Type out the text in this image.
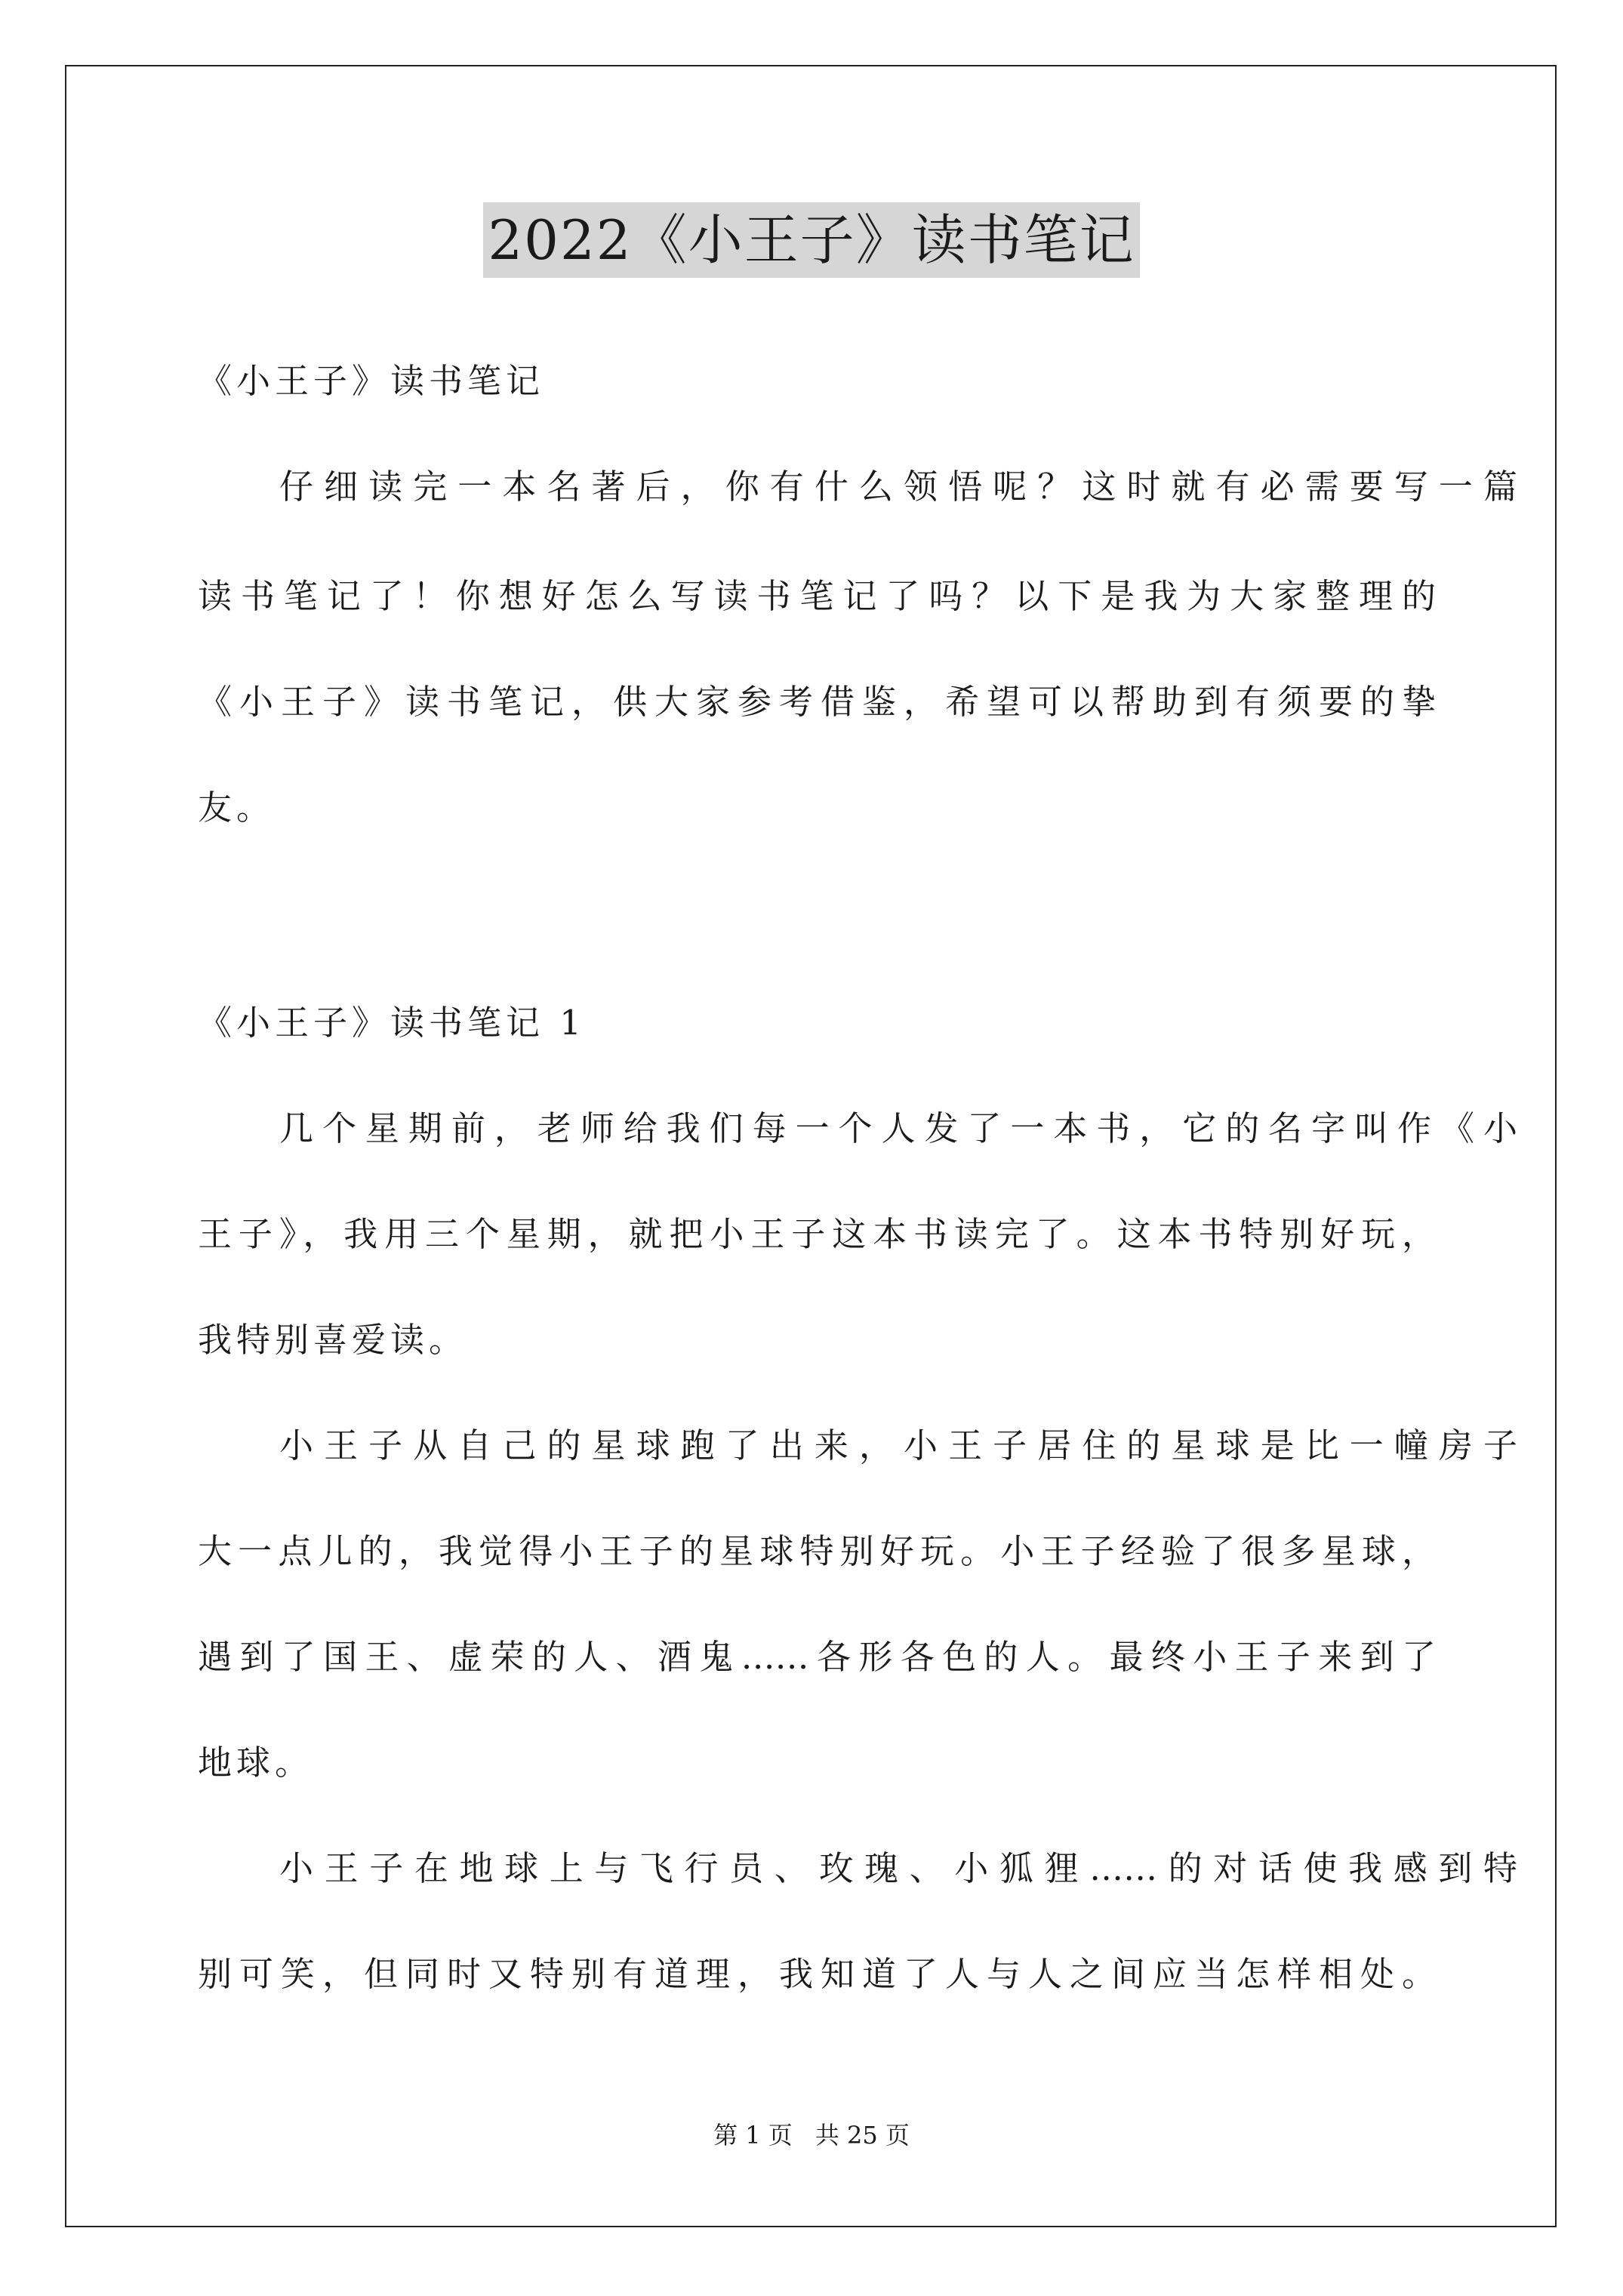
2022《小王子》读书笔记
《小王子》读书笔记
仔细读完一本名著后，你有什么领悟呢？这时就有必需要写一篇
读书笔记了！你想好怎么写读书笔记了吗？以下是我为大家整理的
《小王子》读书笔记，供大家参考借鉴，希望可以帮助到有须要的挚
友。
《小王子》读书笔记 1
几个星期前，老师给我们每一个人发了一本书，它的名字叫作《小
王子》，我用三个星期，就把小王子这本书读完了。这本书特别好玩，
我特别喜爱读。
小王子从自己的星球跑了出来，小王子居住的星球是比一幢房子
大一点儿的，我觉得小王子的星球特别好玩。小王子经验了很多星球，
遇到了国王、虚荣的人、酒鬼……各形各色的人。最终小王子来到了
地球。
小王子在地球上与飞行员、玫瑰、小狐狸……的对话使我感到特
别可笑，但同时又特别有道理，我知道了人与人之间应当怎样相处。
第 1 页 共 25 页
